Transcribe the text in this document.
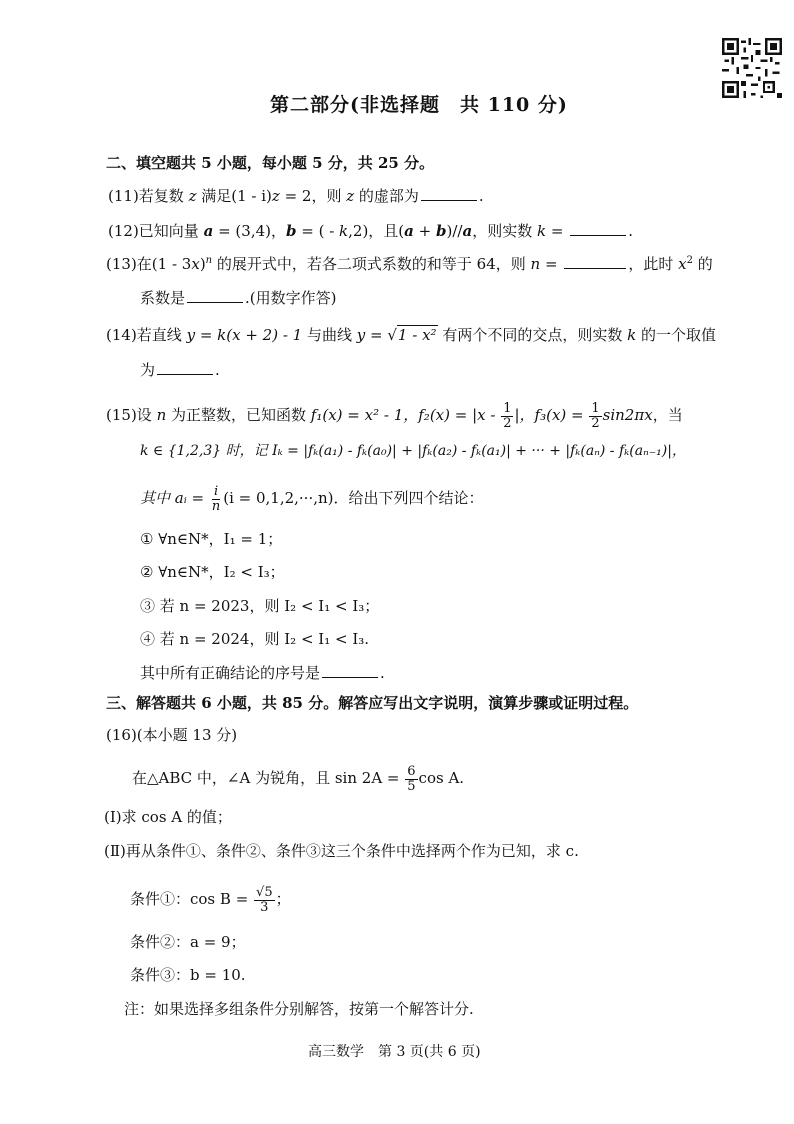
第二部分(非选择题　共 110 分)
二、填空题共 5 小题，每小题 5 分，共 25 分。
(11)若复数 z 满足(1 - i)z = 2，则 z 的虚部为	.
(12)已知向量 a = (3,4)，b = ( - k,2)，且(a + b)//a，则实数 k =	.
(13)在(1 - 3x)$^n$ 的展开式中，若各二项式系数的和等于 64，则 n =	，此时 $x^2$ 的
系数是	.(用数字作答)
(14)若直线 y = k(x + 2) - 1 与曲线 y = √1 - x² 有两个不同的交点，则实数 k 的一个取值
为	.
(15)设 n 为正整数，已知函数 f₁(x) = x² - 1，$f_2(x) = |x - \frac{1}{2}$ |，$f_3(x) = \frac{1}{2} \sin 2\pi x$，当
k ∈ {1,2,3} 时，记 Iₖ = |fₖ(a₁) - fₖ(a₀)| + |fₖ(a₂) - fₖ(a₁)| + ··· + |fₖ(aₙ) - fₖ(aₙ₋₁)|，
其中 aᵢ = $\frac{i}{n} (i = 0,1,2,\cdot\cdot\cdot,n)$．给出下列四个结论：
① ∀n∈N*，I₁ = 1；
② ∀n∈N*，I₂ < I₃；
③ 若 n = 2023，则 I₂ < I₁ < I₃；
④ 若 n = 2024，则 I₂ < I₁ < I₃.
其中所有正确结论的序号是	.
三、解答题共 6 小题，共 85 分。解答应写出文字说明，演算步骤或证明过程。
(16)(本小题 13 分)
在△ABC 中，∠A 为锐角，且 $\sin 2A = \frac{6}{5}$ cos A.
(Ⅰ)求 cos A 的值；
(Ⅱ)再从条件①、条件②、条件③这三个条件中选择两个作为已知，求 c.
条件①：$\cos B = \frac{√5}{3}$ ；
条件②：a = 9；
条件③：b = 10.
注：如果选择多组条件分别解答，按第一个解答计分.
高三数学　第 3 页(共 6 页)
